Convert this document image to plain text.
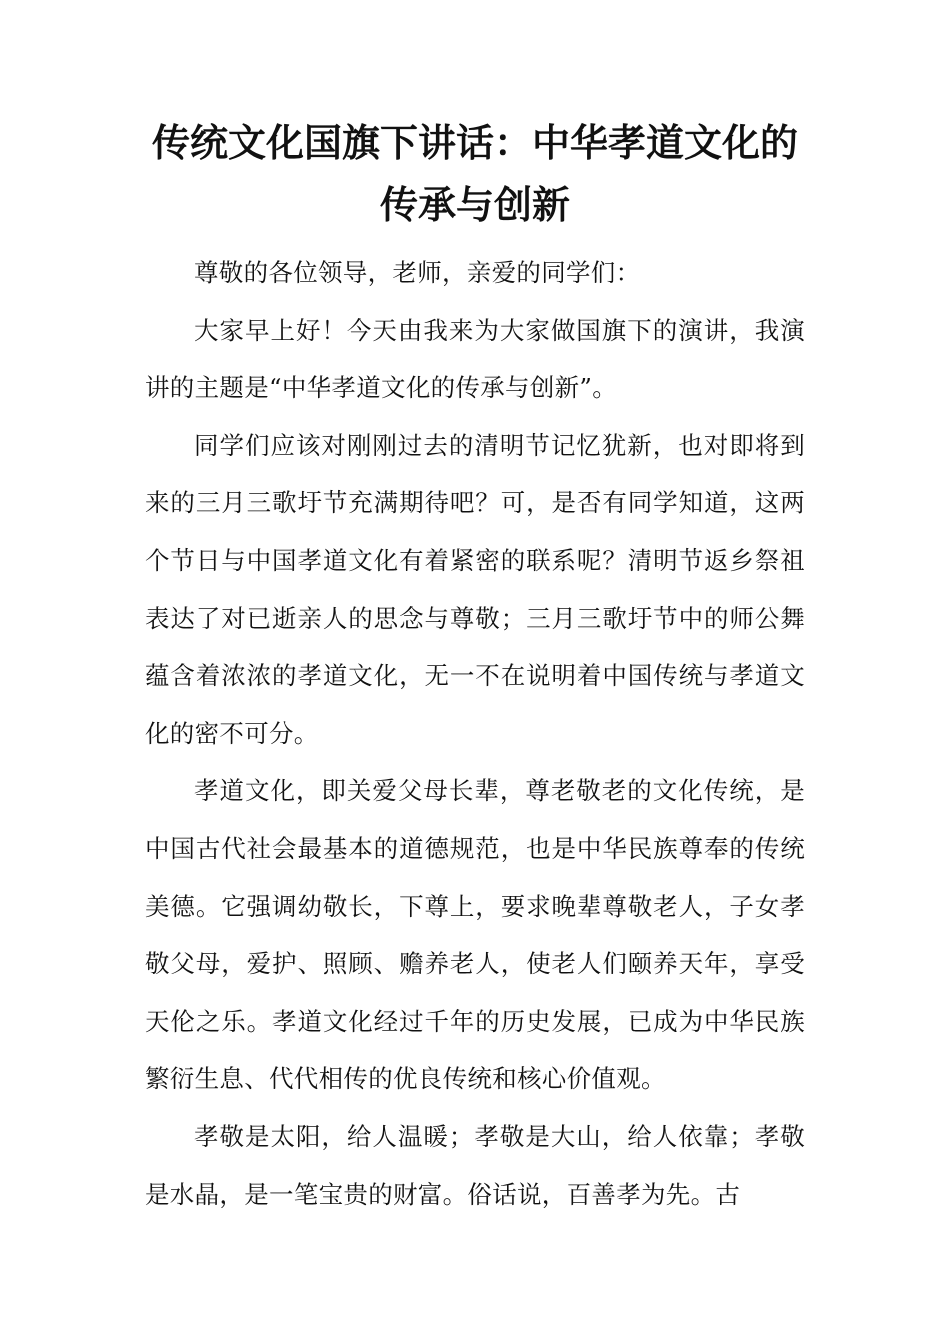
传统文化国旗下讲话：中华孝道文化的
传承与创新

尊敬的各位领导，老师，亲爱的同学们：

大家早上好！今天由我来为大家做国旗下的演讲，我演讲的主题是“中华孝道文化的传承与创新”。

同学们应该对刚刚过去的清明节记忆犹新，也对即将到来的三月三歌圩节充满期待吧？可，是否有同学知道，这两个节日与中国孝道文化有着紧密的联系呢？清明节返乡祭祖表达了对已逝亲人的思念与尊敬；三月三歌圩节中的师公舞蕴含着浓浓的孝道文化，无一不在说明着中国传统与孝道文化的密不可分。

孝道文化，即关爱父母长辈，尊老敬老的文化传统，是中国古代社会最基本的道德规范，也是中华民族尊奉的传统美德。它强调幼敬长，下尊上，要求晚辈尊敬老人，子女孝敬父母，爱护、照顾、赡养老人，使老人们颐养天年，享受天伦之乐。孝道文化经过千年的历史发展，已成为中华民族繁衍生息、代代相传的优良传统和核心价值观。

孝敬是太阳，给人温暖；孝敬是大山，给人依靠；孝敬是水晶，是一笔宝贵的财富。俗话说，百善孝为先。古
